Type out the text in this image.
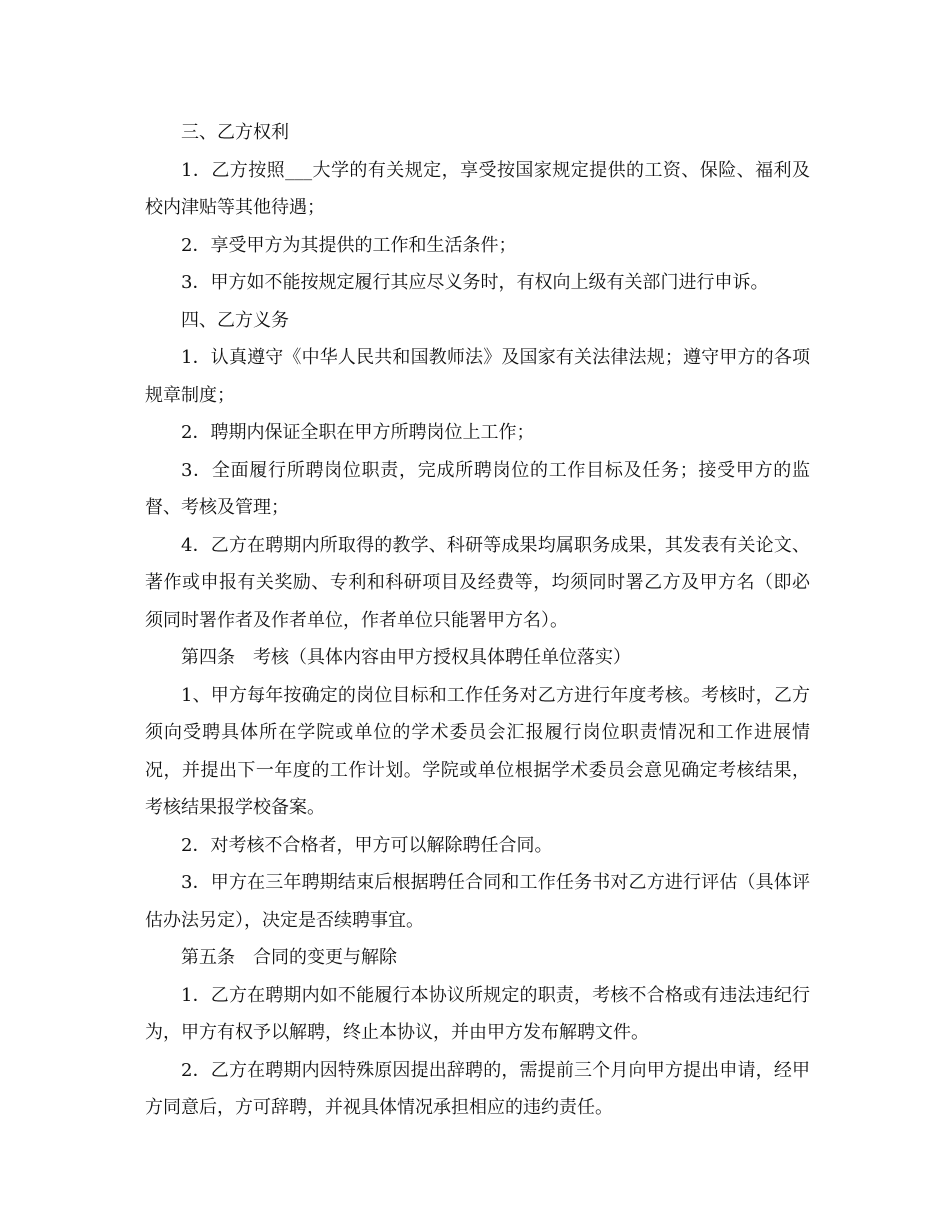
三、乙方权利

1．乙方按照___大学的有关规定，享受按国家规定提供的工资、保险、福利及校内津贴等其他待遇；

2．享受甲方为其提供的工作和生活条件；

3．甲方如不能按规定履行其应尽义务时，有权向上级有关部门进行申诉。

四、乙方义务

1．认真遵守《中华人民共和国教师法》及国家有关法律法规；遵守甲方的各项规章制度；

2．聘期内保证全职在甲方所聘岗位上工作；

3．全面履行所聘岗位职责，完成所聘岗位的工作目标及任务；接受甲方的监督、考核及管理；

4．乙方在聘期内所取得的教学、科研等成果均属职务成果，其发表有关论文、著作或申报有关奖励、专利和科研项目及经费等，均须同时署乙方及甲方名（即必须同时署作者及作者单位，作者单位只能署甲方名）。

第四条　考核（具体内容由甲方授权具体聘任单位落实）

1、甲方每年按确定的岗位目标和工作任务对乙方进行年度考核。考核时，乙方须向受聘具体所在学院或单位的学术委员会汇报履行岗位职责情况和工作进展情况，并提出下一年度的工作计划。学院或单位根据学术委员会意见确定考核结果，考核结果报学校备案。

2．对考核不合格者，甲方可以解除聘任合同。

3．甲方在三年聘期结束后根据聘任合同和工作任务书对乙方进行评估（具体评估办法另定），决定是否续聘事宜。

第五条　合同的变更与解除

1．乙方在聘期内如不能履行本协议所规定的职责，考核不合格或有违法违纪行为，甲方有权予以解聘，终止本协议，并由甲方发布解聘文件。

2．乙方在聘期内因特殊原因提出辞聘的，需提前三个月向甲方提出申请，经甲方同意后，方可辞聘，并视具体情况承担相应的违约责任。
